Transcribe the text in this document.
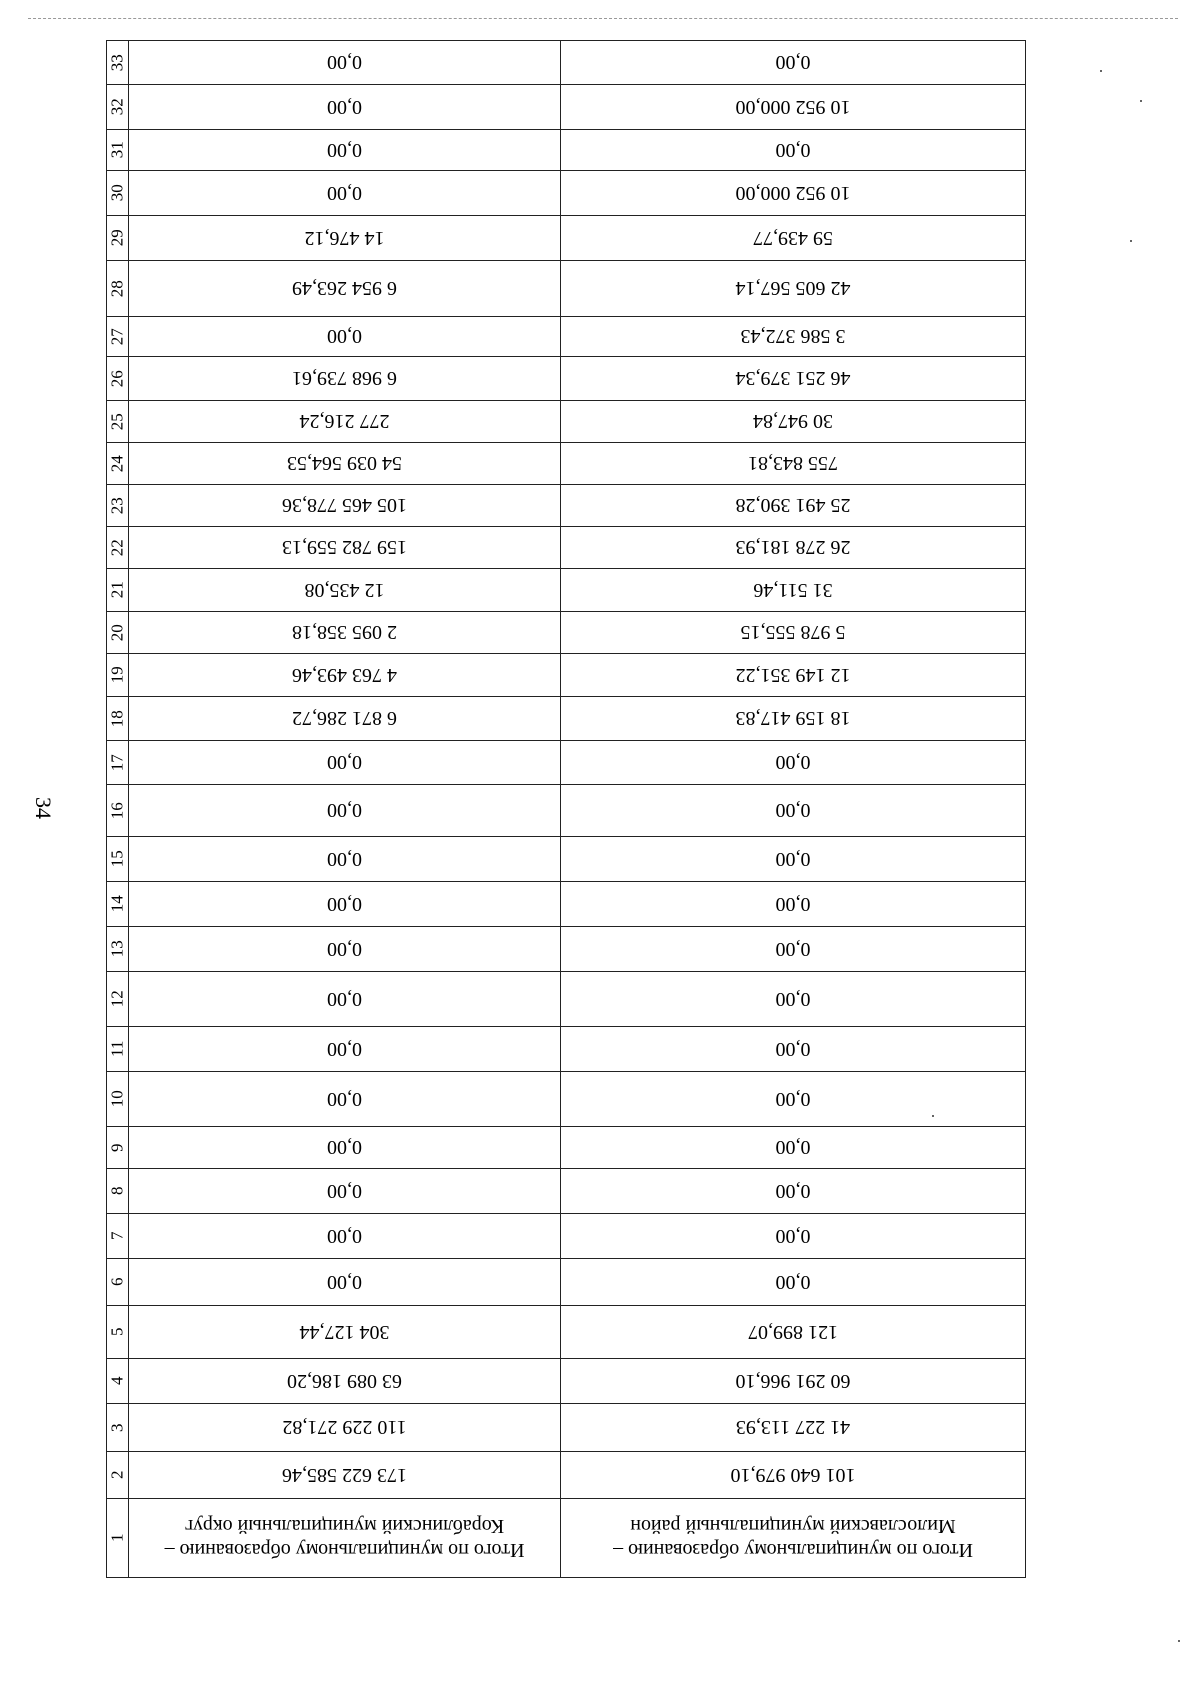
34
Итого по муниципальному образованию – Милославский муниципальный район
Итого по муниципальному образованию – Кораблинский муниципальный округ
1
101 640 979,10
173 622 585,46
2
41 227 113,93
110 229 271,82
3
60 291 966,10
63 089 186,20
4
121 899,07
304 127,44
5
0,00
0,00
6
0,00
0,00
7
0,00
0,00
8
0,00
0,00
9
0,00
0,00
10
0,00
0,00
11
0,00
0,00
12
0,00
0,00
13
0,00
0,00
14
0,00
0,00
15
0,00
0,00
16
0,00
0,00
17
18 159 417,83
6 871 286,72
18
12 149 351,22
4 763 493,46
19
5 978 555,15
2 095 358,18
20
31 511,46
12 435,08
21
26 278 181,93
159 782 559,13
22
25 491 390,28
105 465 778,36
23
755 843,81
54 039 564,53
24
30 947,84
277 216,24
25
46 251 379,34
6 968 739,61
26
3 586 372,43
0,00
27
42 605 567,14
6 954 263,49
28
59 439,77
14 476,12
29
10 952 000,00
0,00
30
0,00
0,00
31
10 952 000,00
0,00
32
0,00
0,00
33
